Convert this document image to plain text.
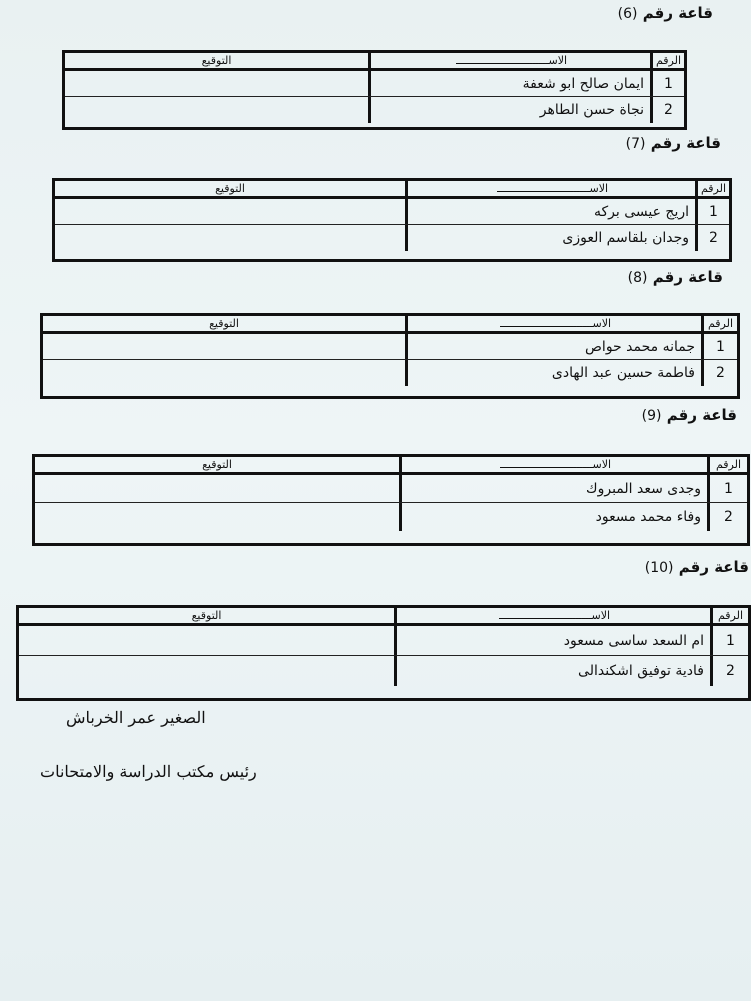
قاعة رقم (6)
الرقم
الاســـــــ
التوقيع
1
ايمان صالح ابو شعفة
2
نجاة حسن الطاهر
قاعة رقم (7)
الرقم
الاســـــــ
التوقيع
1
اريج عيسى بركه
2
وجدان بلقاسم العوزى
قاعة رقم (8)
الرقم
الاســـــــ
التوقيع
1
جمانه محمد حواص
2
فاطمة حسين عبد الهادى
قاعة رقم (9)
الرقم
الاســـــــ
التوقيع
1
وجدى سعد المبروك
2
وفاء محمد مسعود
قاعة رقم (10)
الرقم
الاســـــــ
التوقيع
1
ام السعد ساسى مسعود
2
فادية توفيق اشكندالى
الصغير عمر الخرباش
رئيس مكتب الدراسة والامتحانات
